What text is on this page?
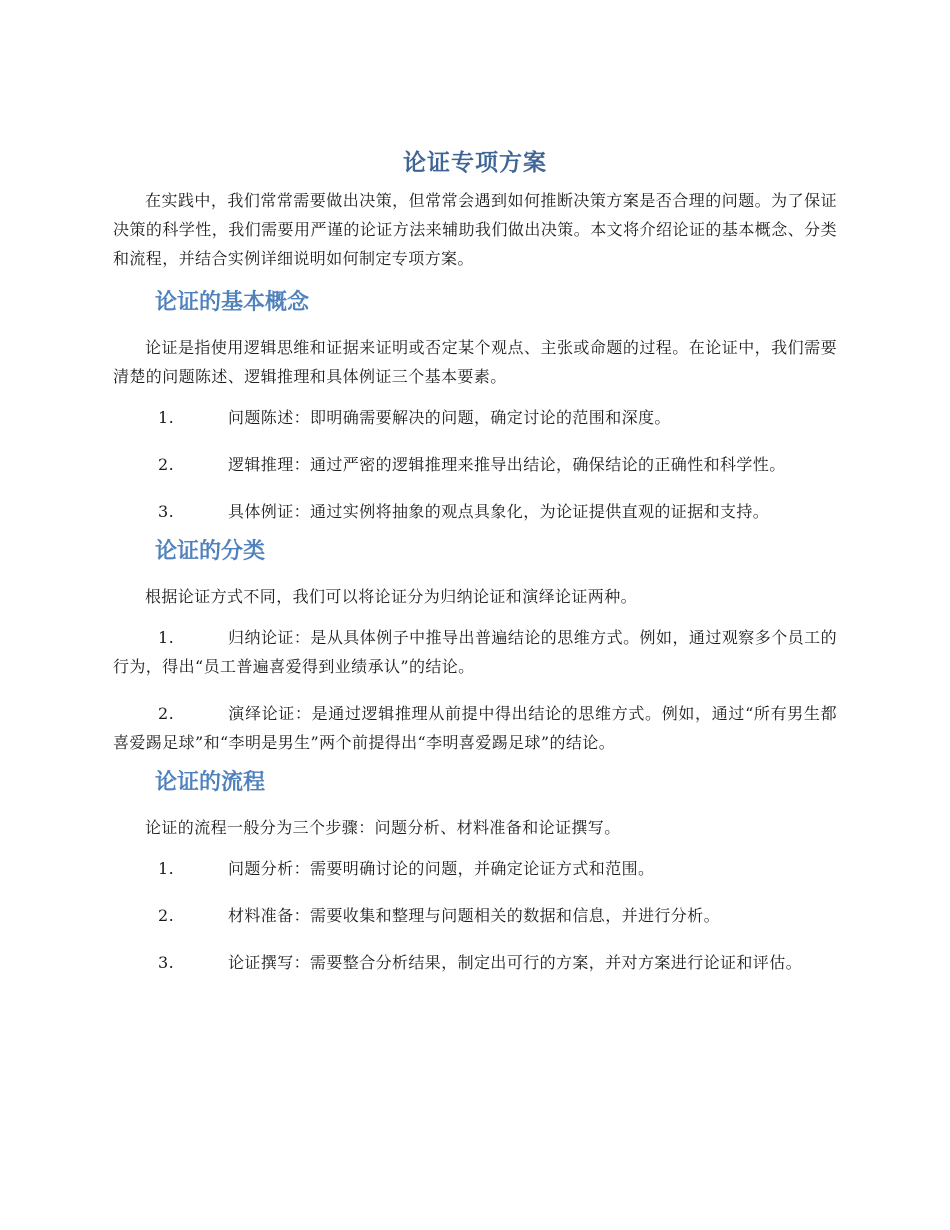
论证专项方案

在实践中，我们常常需要做出决策，但常常会遇到如何推断决策方案是否合理的问题。为了保证决策的科学性，我们需要用严谨的论证方法来辅助我们做出决策。本文将介绍论证的基本概念、分类和流程，并结合实例详细说明如何制定专项方案。

论证的基本概念

论证是指使用逻辑思维和证据来证明或否定某个观点、主张或命题的过程。在论证中，我们需要清楚的问题陈述、逻辑推理和具体例证三个基本要素。

1.	问题陈述：即明确需要解决的问题，确定讨论的范围和深度。
2.	逻辑推理：通过严密的逻辑推理来推导出结论，确保结论的正确性和科学性。
3.	具体例证：通过实例将抽象的观点具象化，为论证提供直观的证据和支持。
论证的分类

根据论证方式不同，我们可以将论证分为归纳论证和演绎论证两种。

1.	归纳论证：是从具体例子中推导出普遍结论的思维方式。例如，通过观察多个员工的行为，得出“员工普遍喜爱得到业绩承认”的结论。
2.	演绎论证：是通过逻辑推理从前提中得出结论的思维方式。例如，通过“所有男生都喜爱踢足球”和“李明是男生”两个前提得出“李明喜爱踢足球”的结论。
论证的流程

论证的流程一般分为三个步骤：问题分析、材料准备和论证撰写。

1.	问题分析：需要明确讨论的问题，并确定论证方式和范围。
2.	材料准备：需要收集和整理与问题相关的数据和信息，并进行分析。
3.	论证撰写：需要整合分析结果，制定出可行的方案，并对方案进行论证和评估。
